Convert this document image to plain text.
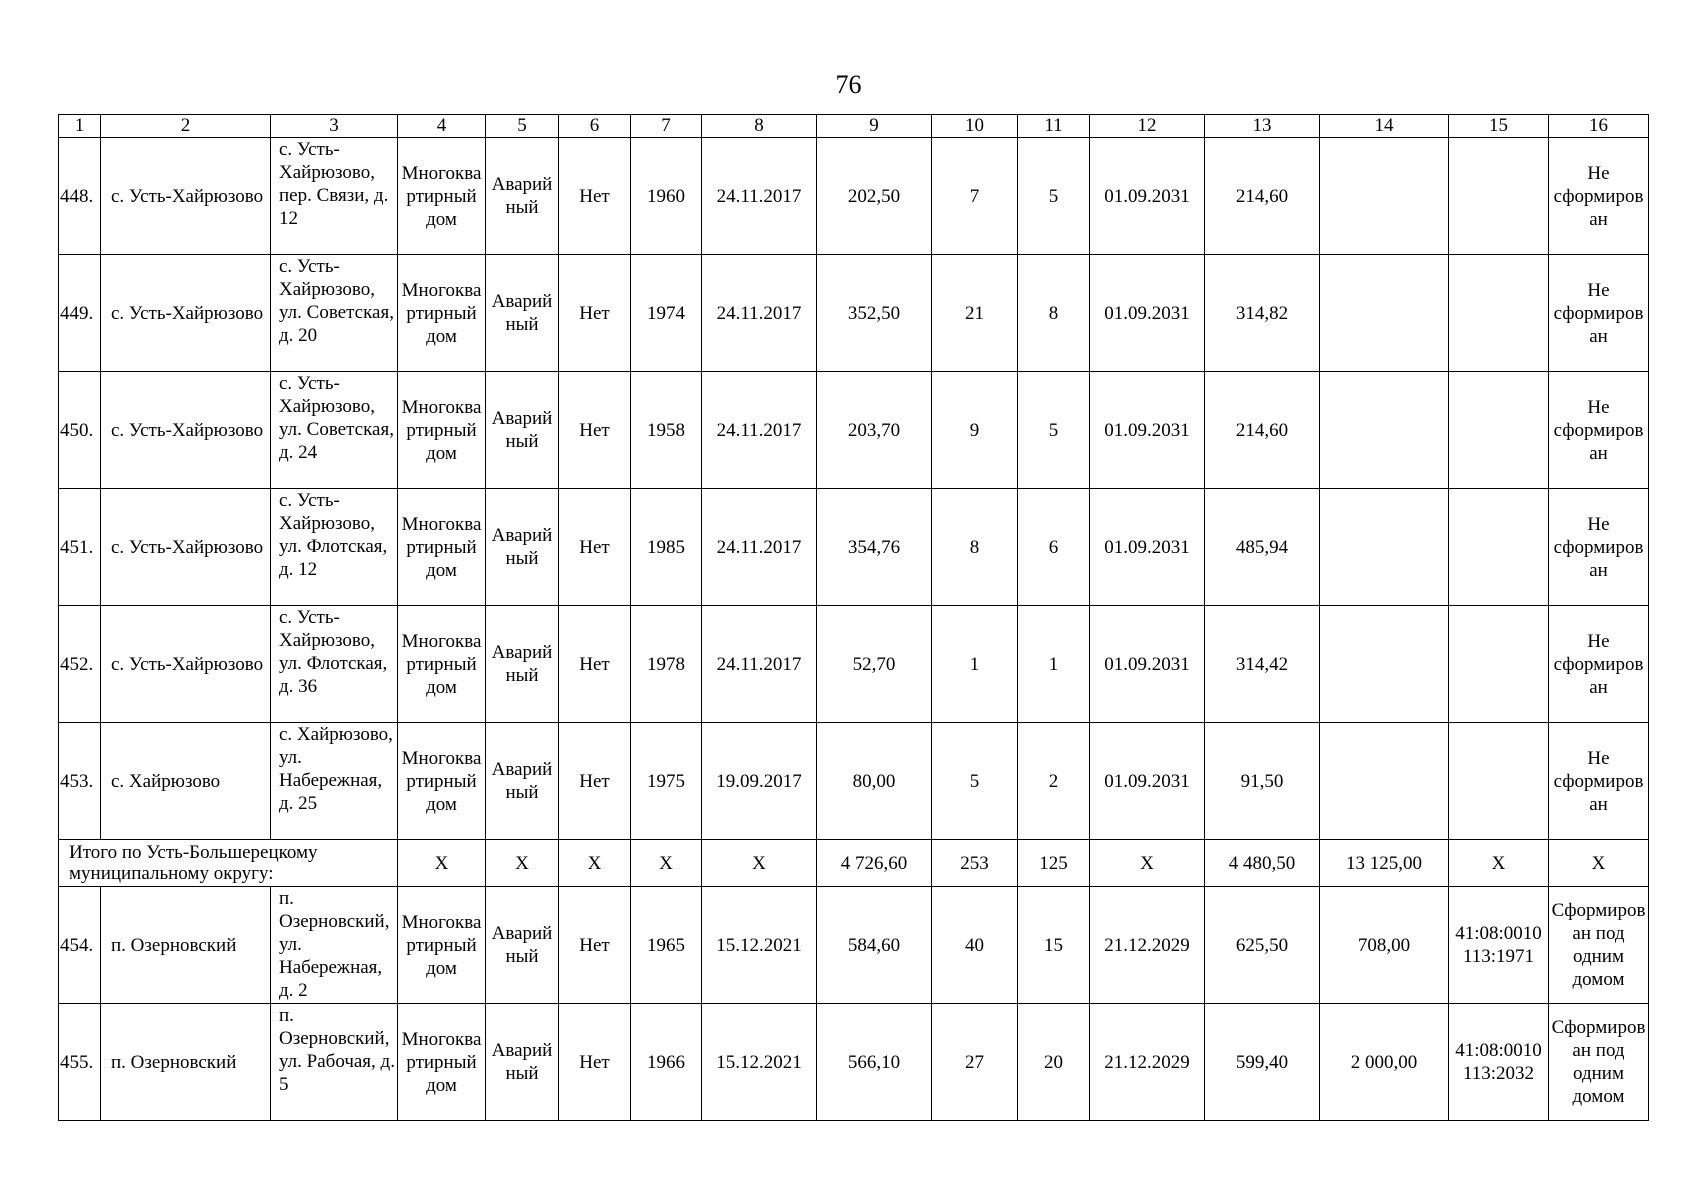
76
1	2	3	4	5	6	7	8	9	10	11	12	13	14	15	16
448.	с. Усть-Хайрюзово	с. Усть-Хайрюзово, пер. Связи, д. 12	Многоквартирный дом	Аварийный	Нет	1960	24.11.2017	202,50	7	5	01.09.2031	214,60			Не сформирован
449.	с. Усть-Хайрюзово	с. Усть-Хайрюзово, ул. Советская, д. 20	Многоквартирный дом	Аварийный	Нет	1974	24.11.2017	352,50	21	8	01.09.2031	314,82			Не сформирован
450.	с. Усть-Хайрюзово	с. Усть-Хайрюзово, ул. Советская, д. 24	Многоквартирный дом	Аварийный	Нет	1958	24.11.2017	203,70	9	5	01.09.2031	214,60			Не сформирован
451.	с. Усть-Хайрюзово	с. Усть-Хайрюзово, ул. Флотская, д. 12	Многоквартирный дом	Аварийный	Нет	1985	24.11.2017	354,76	8	6	01.09.2031	485,94			Не сформирован
452.	с. Усть-Хайрюзово	с. Усть-Хайрюзово, ул. Флотская, д. 36	Многоквартирный дом	Аварийный	Нет	1978	24.11.2017	52,70	1	1	01.09.2031	314,42			Не сформирован
453.	с. Хайрюзово	с. Хайрюзово, ул. Набережная, д. 25	Многоквартирный дом	Аварийный	Нет	1975	19.09.2017	80,00	5	2	01.09.2031	91,50			Не сформирован
Итого по Усть-Большерецкому муниципальному округу:			Х	Х	Х	Х	Х	4 726,60	253	125	Х	4 480,50	13 125,00	Х	Х
454.	п. Озерновский	п. Озерновский, ул. Набережная, д. 2	Многоквартирный дом	Аварийный	Нет	1965	15.12.2021	584,60	40	15	21.12.2029	625,50	708,00	41:08:0010113:1971	Сформирован под одним домом
455.	п. Озерновский	п. Озерновский, ул. Рабочая, д. 5	Многоквартирный дом	Аварийный	Нет	1966	15.12.2021	566,10	27	20	21.12.2029	599,40	2 000,00	41:08:0010113:2032	Сформирован под одним домом
